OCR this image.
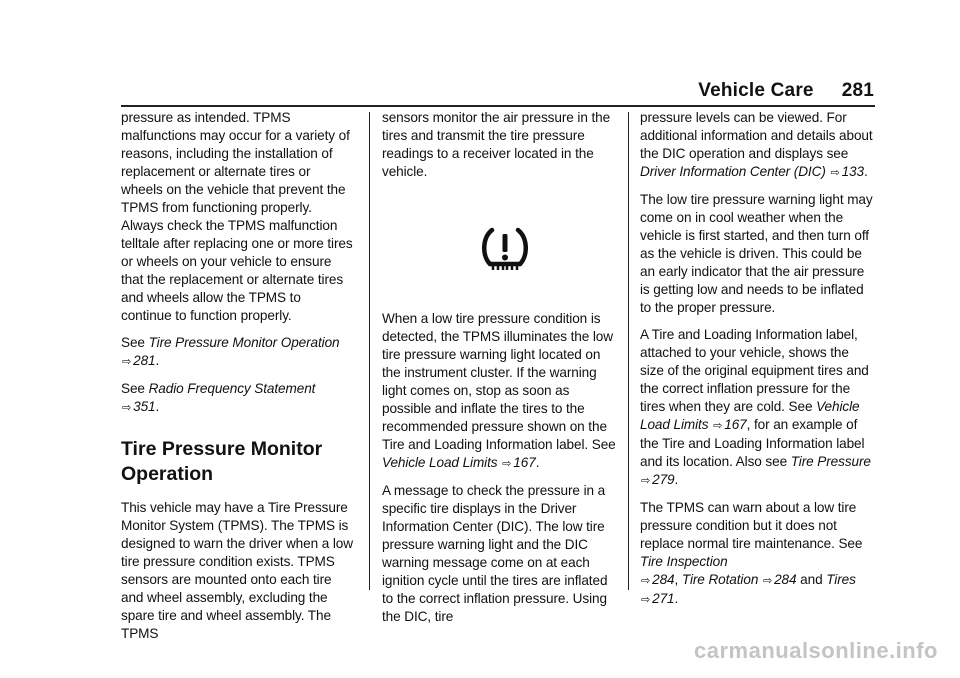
Vehicle Care 281

pressure as intended. TPMS malfunctions may occur for a variety of reasons, including the installation of replacement or alternate tires or wheels on the vehicle that prevent the TPMS from functioning properly. Always check the TPMS malfunction telltale after replacing one or more tires or wheels on your vehicle to ensure that the replacement or alternate tires and wheels allow the TPMS to continue to function properly.

See Tire Pressure Monitor Operation ⇨ 281.

See Radio Frequency Statement
⇨ 351.

Tire Pressure Monitor Operation

This vehicle may have a Tire Pressure Monitor System (TPMS). The TPMS is designed to warn the driver when a low tire pressure condition exists. TPMS sensors are mounted onto each tire and wheel assembly, excluding the spare tire and wheel assembly. The TPMS

sensors monitor the air pressure in the tires and transmit the tire pressure readings to a receiver located in the vehicle.

When a low tire pressure condition is detected, the TPMS illuminates the low tire pressure warning light located on the instrument cluster. If the warning light comes on, stop as soon as possible and inflate the tires to the recommended pressure shown on the Tire and Loading Information label. See Vehicle Load Limits ⇨ 167.

A message to check the pressure in a specific tire displays in the Driver Information Center (DIC). The low tire pressure warning light and the DIC warning message come on at each ignition cycle until the tires are inflated to the correct inflation pressure. Using the DIC, tire

pressure levels can be viewed. For additional information and details about the DIC operation and displays see Driver Information Center (DIC) ⇨ 133.

The low tire pressure warning light may come on in cool weather when the vehicle is first started, and then turn off as the vehicle is driven. This could be an early indicator that the air pressure is getting low and needs to be inflated to the proper pressure.

A Tire and Loading Information label, attached to your vehicle, shows the size of the original equipment tires and the correct inflation pressure for the tires when they are cold. See Vehicle Load Limits ⇨ 167, for an example of the Tire and Loading Information label and its location. Also see Tire Pressure ⇨ 279.

The TPMS can warn about a low tire pressure condition but it does not replace normal tire maintenance. See Tire Inspection
⇨ 284, Tire Rotation ⇨ 284 and Tires
⇨ 271.

carmanualsonline.info
